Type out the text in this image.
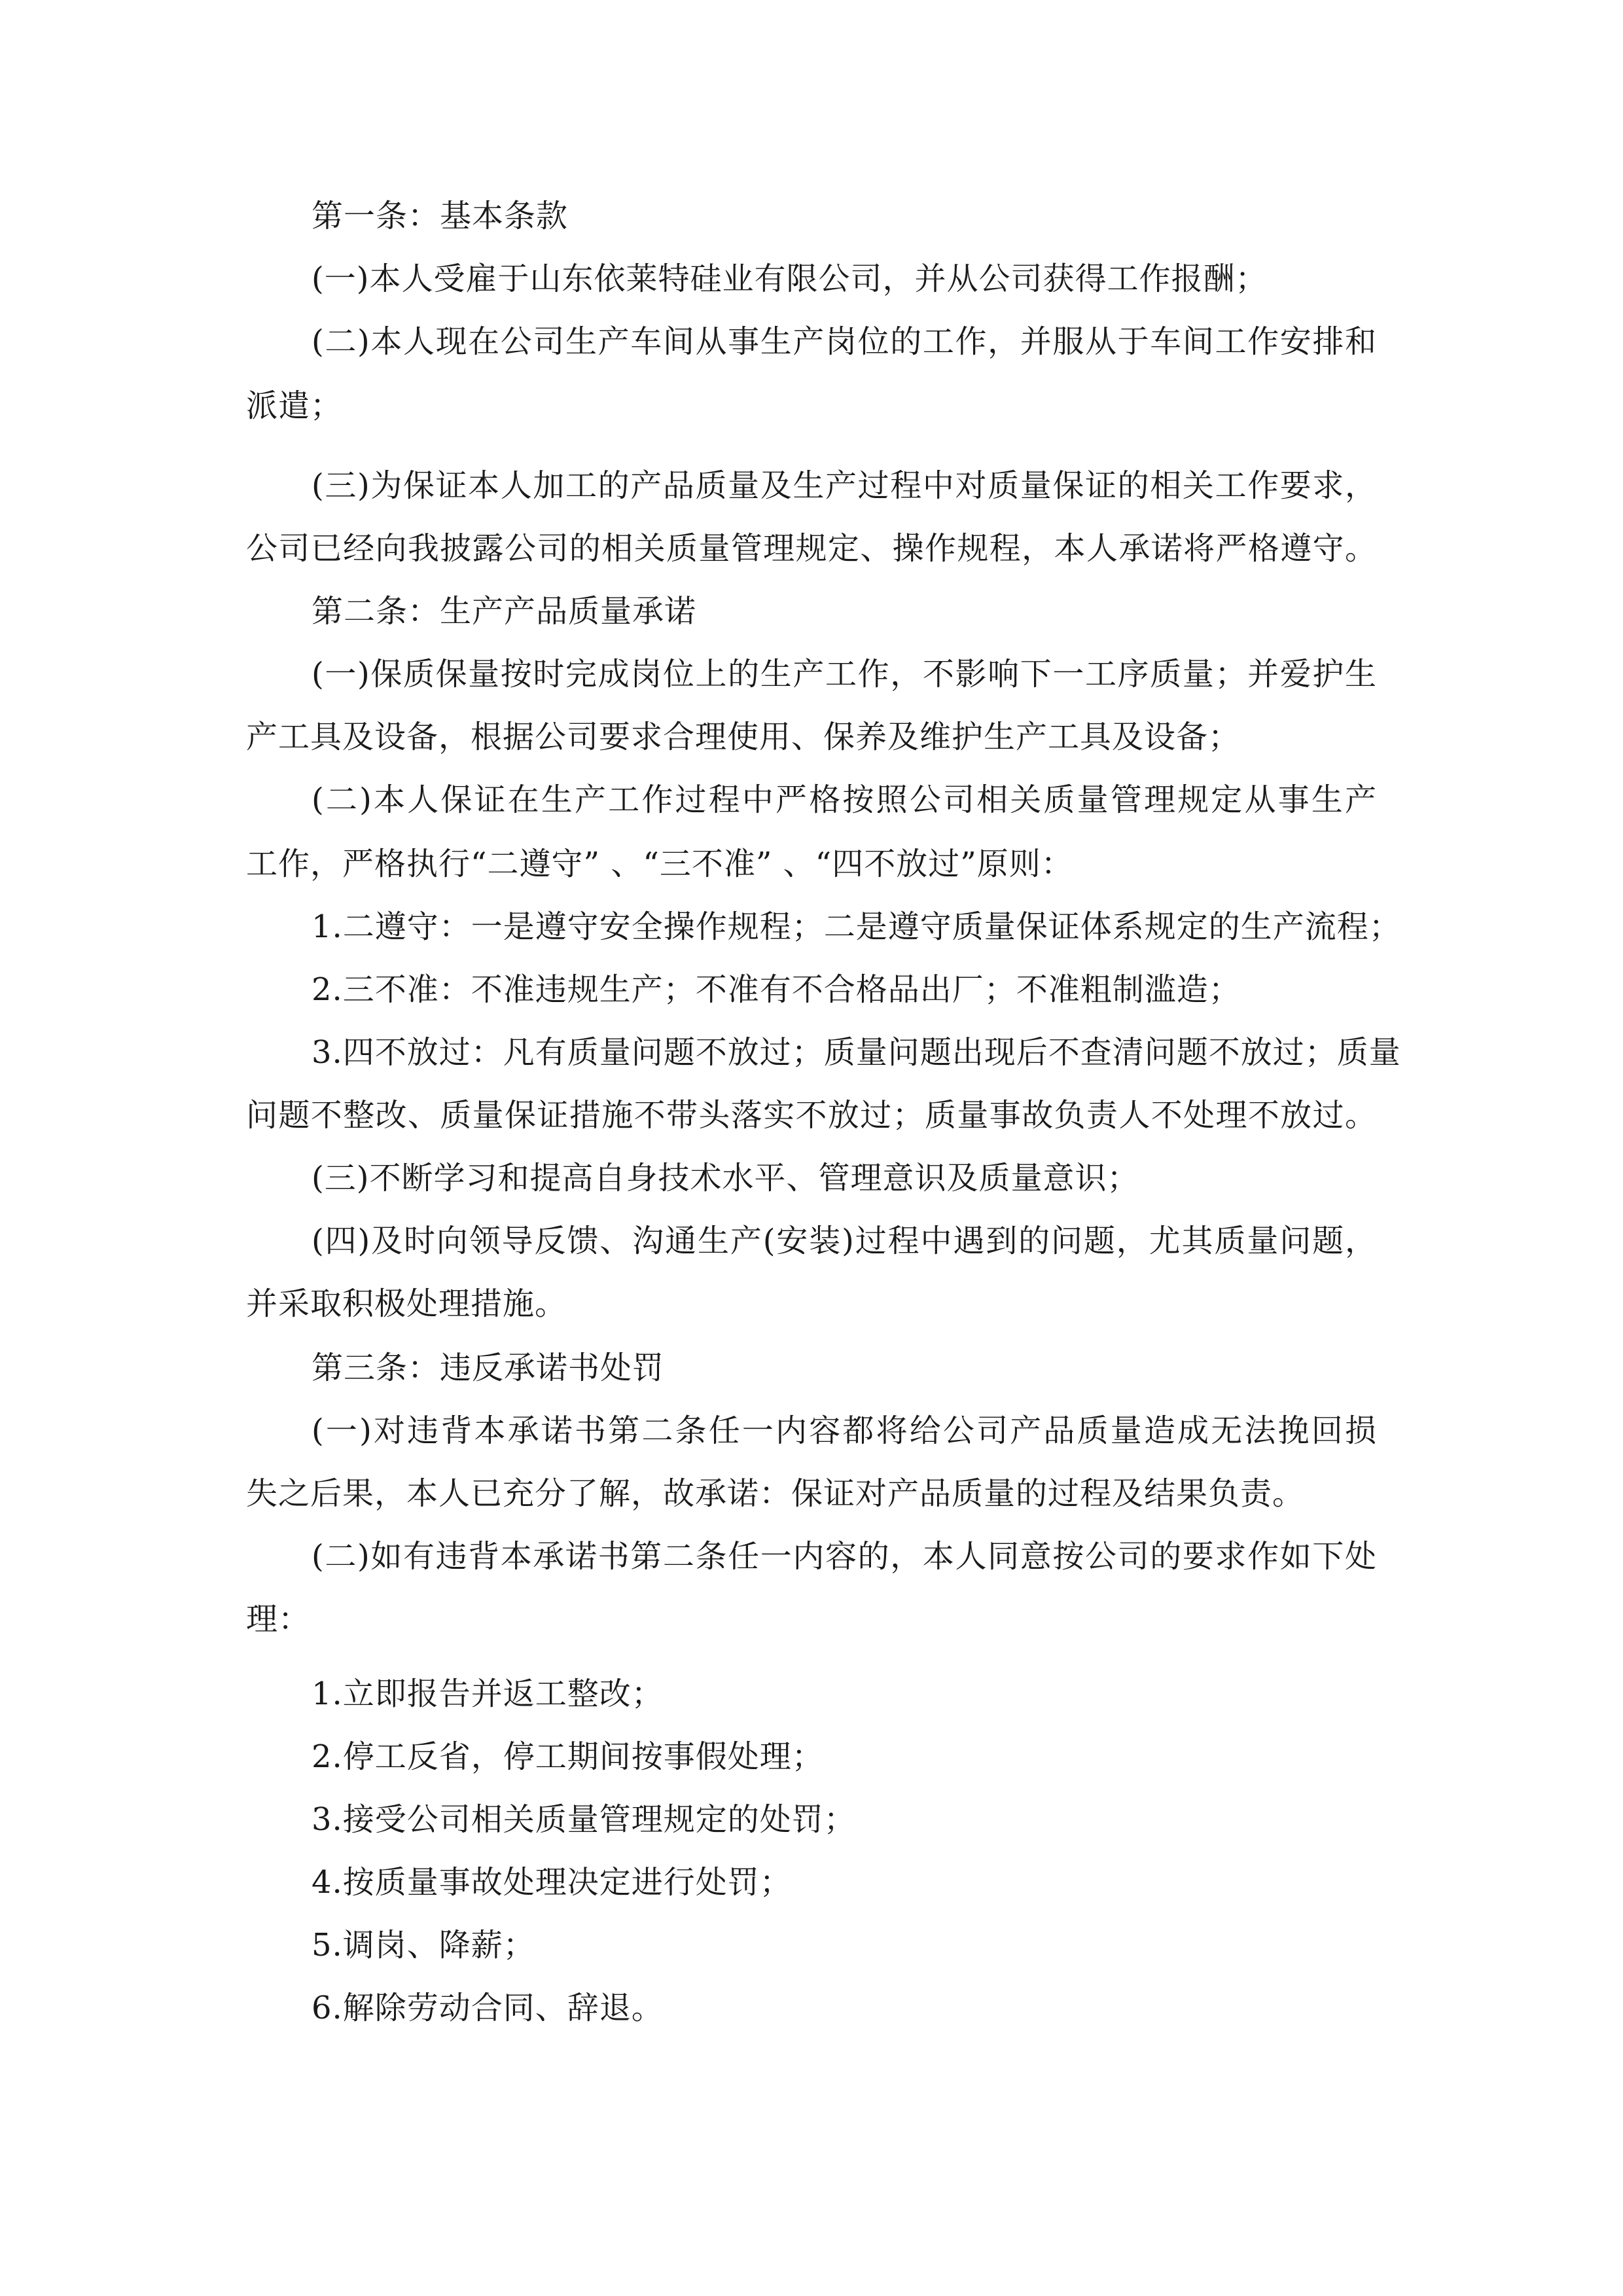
第一条：基本条款
(一)本人受雇于山东依莱特硅业有限公司，并从公司获得工作报酬；
(二)本人现在公司生产车间从事生产岗位的工作，并服从于车间工作安排和
派遣；
(三)为保证本人加工的产品质量及生产过程中对质量保证的相关工作要求，
公司已经向我披露公司的相关质量管理规定、操作规程，本人承诺将严格遵守。
第二条：生产产品质量承诺
(一)保质保量按时完成岗位上的生产工作，不影响下一工序质量；并爱护生
产工具及设备，根据公司要求合理使用、保养及维护生产工具及设备；
(二)本人保证在生产工作过程中严格按照公司相关质量管理规定从事生产
工作，严格执行“二遵守” 、“三不准” 、“四不放过”原则：
1.二遵守：一是遵守安全操作规程；二是遵守质量保证体系规定的生产流程；
2.三不准：不准违规生产；不准有不合格品出厂；不准粗制滥造；
3.四不放过：凡有质量问题不放过；质量问题出现后不查清问题不放过；质量
问题不整改、质量保证措施不带头落实不放过；质量事故负责人不处理不放过。
(三)不断学习和提高自身技术水平、管理意识及质量意识；
(四)及时向领导反馈、沟通生产(安装)过程中遇到的问题，尤其质量问题，
并采取积极处理措施。
第三条：违反承诺书处罚
(一)对违背本承诺书第二条任一内容都将给公司产品质量造成无法挽回损
失之后果，本人已充分了解，故承诺：保证对产品质量的过程及结果负责。
(二)如有违背本承诺书第二条任一内容的，本人同意按公司的要求作如下处
理：
1.立即报告并返工整改；
2.停工反省，停工期间按事假处理；
3.接受公司相关质量管理规定的处罚；
4.按质量事故处理决定进行处罚；
5.调岗、降薪；
6.解除劳动合同、辞退。
